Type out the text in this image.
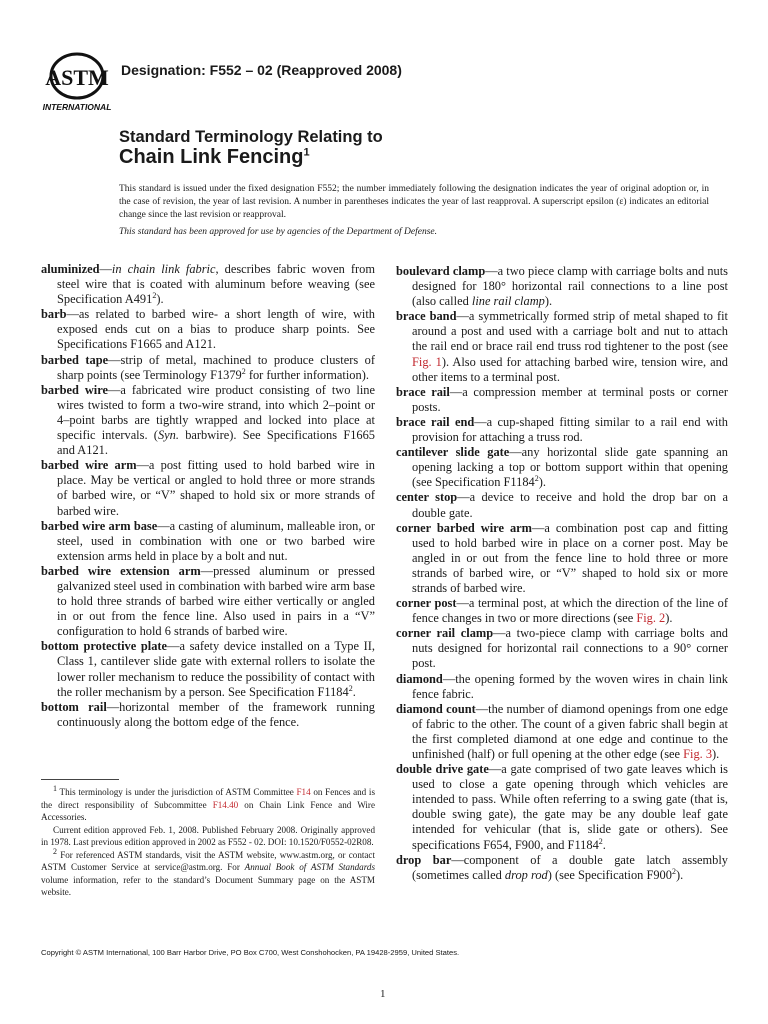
ASTM
INTERNATIONAL
Designation: F552 – 02 (Reapproved 2008)
Standard Terminology Relating to
Chain Link Fencing$^1$
This standard is issued under the fixed designation F552; the number immediately following the designation indicates the year of original adoption or, in the case of revision, the year of last revision. A number in parentheses indicates the year of last reapproval. A superscript epsilon (ε) indicates an editorial change since the last revision or reapproval.
This standard has been approved for use by agencies of the Department of Defense.

aluminized—in chain link fabric, describes fabric woven from steel wire that is coated with aluminum before weaving (see Specification $A491^2$).

barb—as related to barbed wire- a short length of wire, with exposed ends cut on a bias to produce sharp points. See Specifications F1665 and A121.

barbed tape—strip of metal, machined to produce clusters of sharp points (see Terminology F1379$^2$ for further information).

barbed wire—a fabricated wire product consisting of two line wires twisted to form a two-wire strand, into which 2–point or 4–point barbs are tightly wrapped and locked into place at specific intervals. (Syn. barbwire). See Specifications F1665 and A121.

barbed wire arm—a post fitting used to hold barbed wire in place. May be vertical or angled to hold three or more strands of barbed wire, or “V” shaped to hold six or more strands of barbed wire.

barbed wire arm base—a casting of aluminum, malleable iron, or steel, used in combination with one or two barbed wire extension arms held in place by a bolt and nut.

barbed wire extension arm—pressed aluminum or pressed galvanized steel used in combination with barbed wire arm base to hold three strands of barbed wire either vertically or angled in or out from the fence line. Also used in pairs in a “V” configuration to hold 6 strands of barbed wire.

bottom protective plate—a safety device installed on a Type II, Class 1, cantilever slide gate with external rollers to isolate the lower roller mechanism to reduce the possibility of contact with the roller mechanism by a person. See Specification F1184$^2$.

bottom rail—horizontal member of the framework running continuously along the bottom edge of the fence.

boulevard clamp—a two piece clamp with carriage bolts and nuts designed for 180° horizontal rail connections to a line post (also called line rail clamp).

brace band—a symmetrically formed strip of metal shaped to fit around a post and used with a carriage bolt and nut to attach the rail end or brace rail end truss rod tightener to the post (see Fig. 1). Also used for attaching barbed wire, tension wire, and other items to a terminal post.

brace rail—a compression member at terminal posts or corner posts.

brace rail end—a cup-shaped fitting similar to a rail end with provision for attaching a truss rod.

cantilever slide gate—any horizontal slide gate spanning an opening lacking a top or bottom support within that opening (see Specification F1184$^2$).

center stop—a device to receive and hold the drop bar on a double gate.

corner barbed wire arm—a combination post cap and fitting used to hold barbed wire in place on a corner post. May be angled in or out from the fence line to hold three or more strands of barbed wire, or “V” shaped to hold six or more strands of barbed wire.

corner post—a terminal post, at which the direction of the line of fence changes in two or more directions (see Fig. 2).

corner rail clamp—a two-piece clamp with carriage bolts and nuts designed for horizontal rail connections to a 90° corner post.

diamond—the opening formed by the woven wires in chain link fence fabric.

diamond count—the number of diamond openings from one edge of fabric to the other. The count of a given fabric shall begin at the first completed diamond at one edge and continue to the unfinished (half) or full opening at the other edge (see Fig. 3).

double drive gate—a gate comprised of two gate leaves which is used to close a gate opening through which vehicles are intended to pass. While often referring to a swing gate (that is, double swing gate), the gate may be any double leaf gate intended for vehicular (that is, slide gate or others). See specifications F654, F900, and F1184$^2$.

drop bar—component of a double gate latch assembly (sometimes called drop rod) (see Specification $F900^2$).

$^1$ This terminology is under the jurisdiction of ASTM Committee F14 on Fences and is the direct responsibility of Subcommittee F14.40 on Chain Link Fence and Wire Accessories.

Current edition approved Feb. 1, 2008. Published February 2008. Originally approved in 1978. Last previous edition approved in 2002 as F552 - 02. DOI: 10.1520/F0552-02R08.

$^2$ For referenced ASTM standards, visit the ASTM website, www.astm.org, or contact ASTM Customer Service at service@astm.org. For Annual Book of ASTM Standards volume information, refer to the standard’s Document Summary page on the ASTM website.

Copyright © ASTM International, 100 Barr Harbor Drive, PO Box C700, West Conshohocken, PA 19428-2959, United States.
1
